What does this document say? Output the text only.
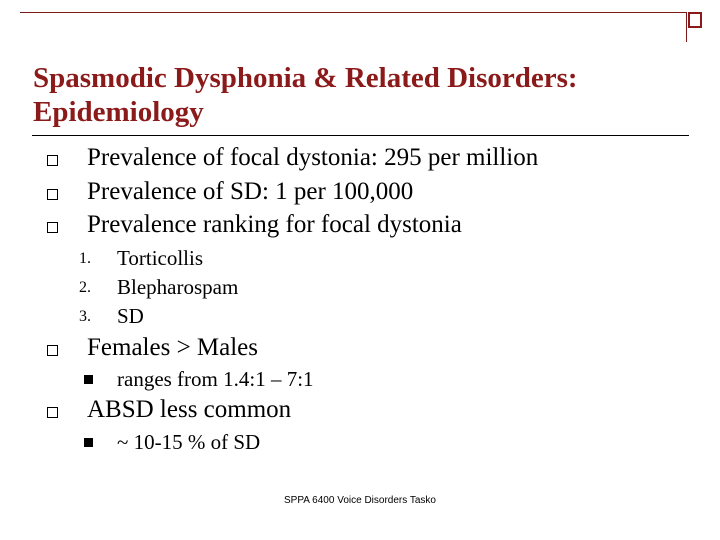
Spasmodic Dysphonia & Related Disorders: Epidemiology
Prevalence of focal dystonia: 295 per million
Prevalence of SD: 1 per 100,000
Prevalence ranking for focal dystonia
1. Torticollis
2. Blepharospam
3. SD
Females > Males
ranges from 1.4:1 – 7:1
ABSD less common
~ 10-15 % of SD
SPPA 6400 Voice Disorders Tasko
